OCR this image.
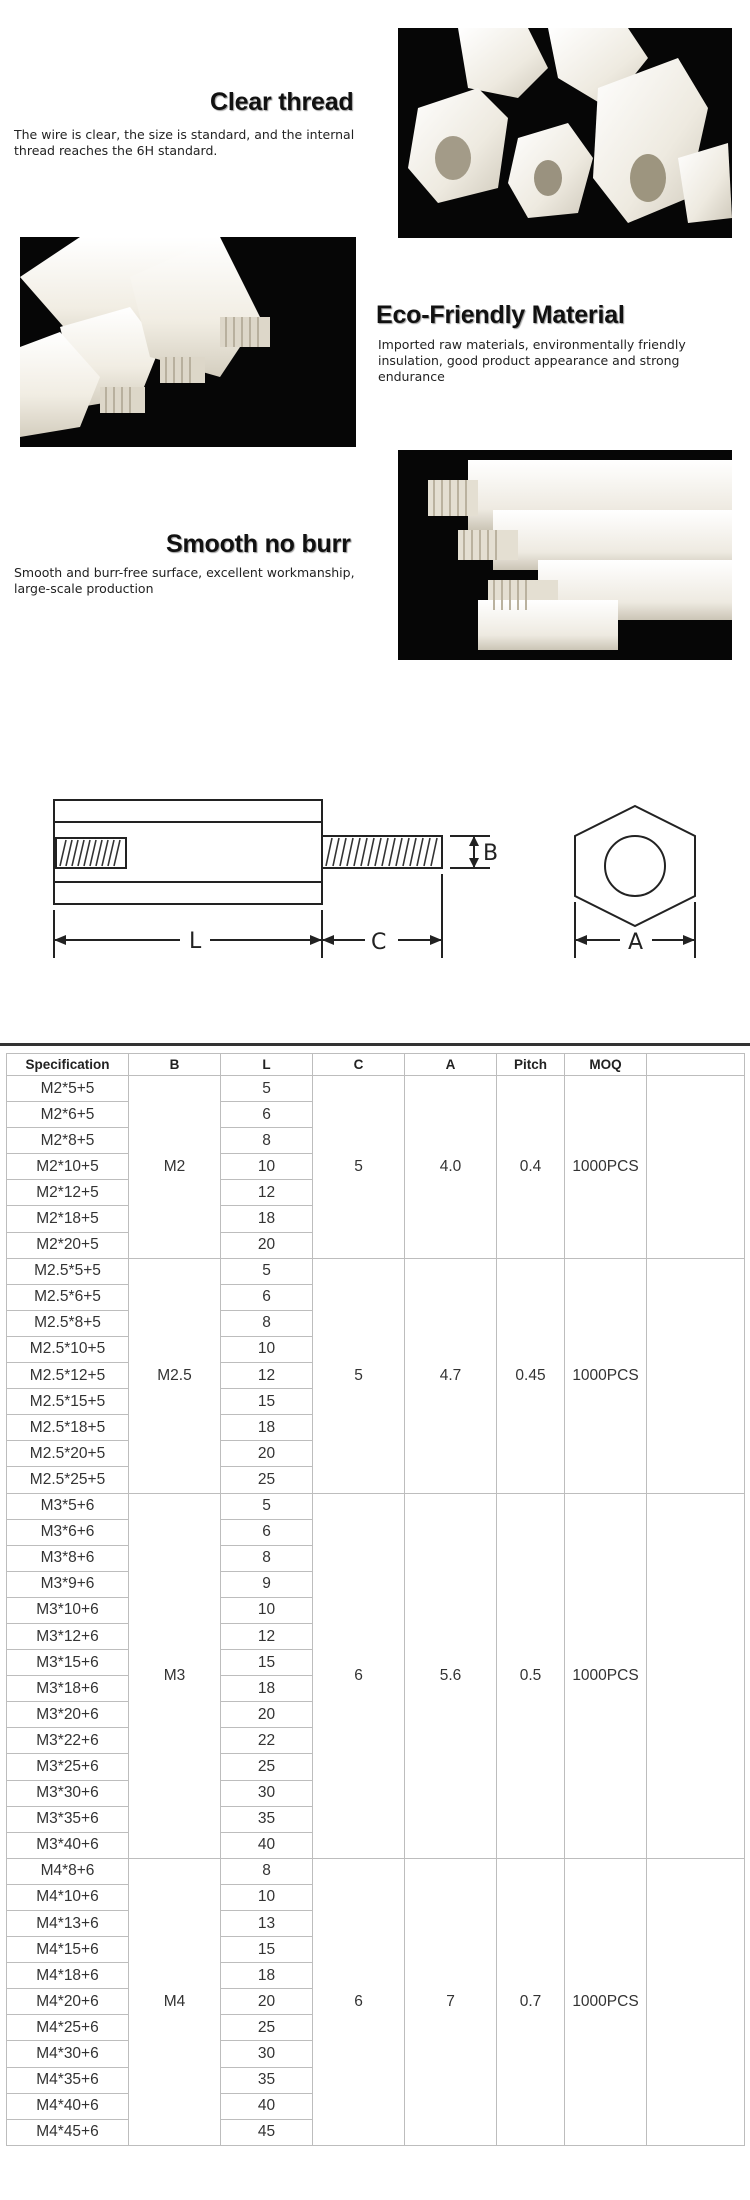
Clear thread
The wire is clear, the size is standard, and the internal thread reaches the 6H standard.
Eco-Friendly Material
Imported raw materials, environmentally friendly insulation, good product appearance and strong endurance
Smooth no burr
Smooth and burr-free surface, excellent workmanship, large-scale production
B
L	C	A
Specification	B	L	C	A	Pitch	MOQ	
M2*5+5	M2	5	5	4.0	0.4	1000PCS	
M2*6+5		6					
M2*8+5		8					
M2*10+5		10					
M2*12+5		12					
M2*18+5		18					
M2*20+5		20					
M2.5*5+5	M2.5	5	5	4.7	0.45	1000PCS	
M2.5*6+5		6					
M2.5*8+5		8					
M2.5*10+5		10					
M2.5*12+5		12					
M2.5*15+5		15					
M2.5*18+5		18					
M2.5*20+5		20					
M2.5*25+5		25					
M3*5+6	M3	5	6	5.6	0.5	1000PCS	
M3*6+6		6					
M3*8+6		8					
M3*9+6		9					
M3*10+6		10					
M3*12+6		12					
M3*15+6		15					
M3*18+6		18					
M3*20+6		20					
M3*22+6		22					
M3*25+6		25					
M3*30+6		30					
M3*35+6		35					
M3*40+6		40					
M4*8+6	M4	8	6	7	0.7	1000PCS	
M4*10+6		10					
M4*13+6		13					
M4*15+6		15					
M4*18+6		18					
M4*20+6		20					
M4*25+6		25					
M4*30+6		30					
M4*35+6		35					
M4*40+6		40					
M4*45+6		45					
